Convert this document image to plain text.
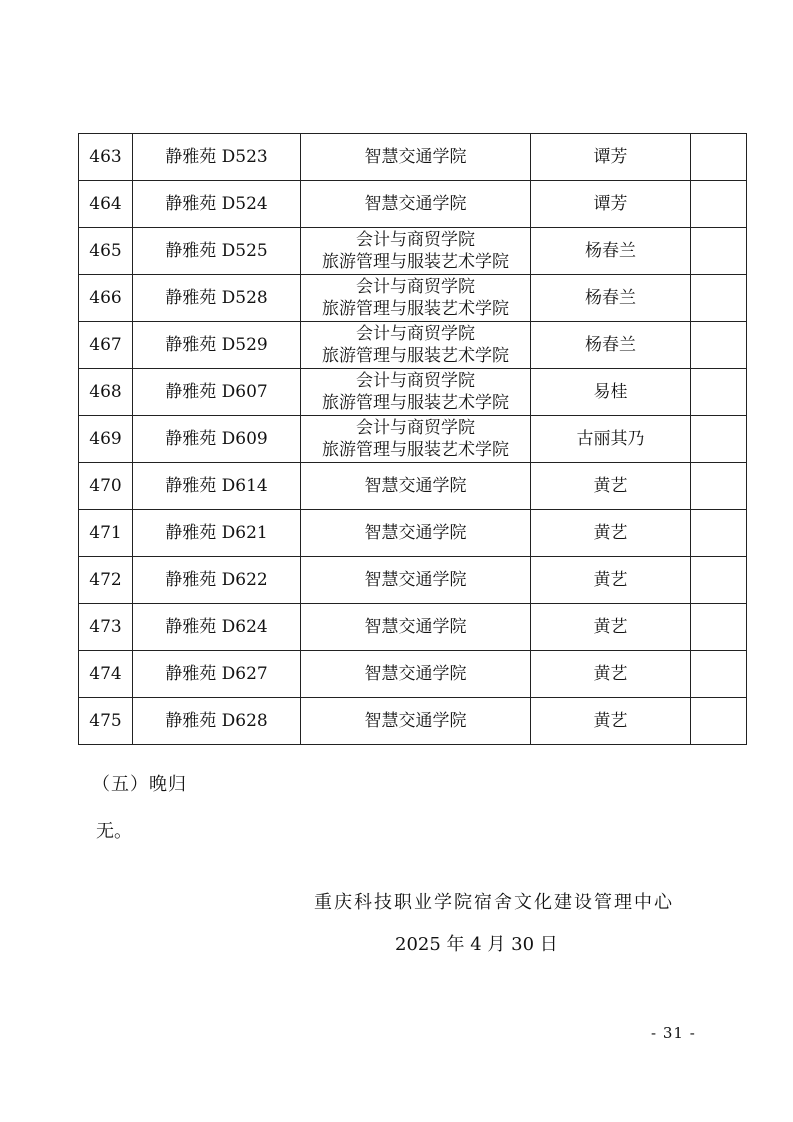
463	静雅苑 D523	智慧交通学院	谭芳	
464	静雅苑 D524	智慧交通学院	谭芳	
465	静雅苑 D525	会计与商贸学院
旅游管理与服装艺术学院	杨春兰	
466	静雅苑 D528	会计与商贸学院
旅游管理与服装艺术学院	杨春兰	
467	静雅苑 D529	会计与商贸学院
旅游管理与服装艺术学院	杨春兰	
468	静雅苑 D607	会计与商贸学院
旅游管理与服装艺术学院	易桂	
469	静雅苑 D609	会计与商贸学院
旅游管理与服装艺术学院	古丽其乃	
470	静雅苑 D614	智慧交通学院	黄艺	
471	静雅苑 D621	智慧交通学院	黄艺	
472	静雅苑 D622	智慧交通学院	黄艺	
473	静雅苑 D624	智慧交通学院	黄艺	
474	静雅苑 D627	智慧交通学院	黄艺	
475	静雅苑 D628	智慧交通学院	黄艺	
（五）晚归
无。
重庆科技职业学院宿舍文化建设管理中心
2025 年 4 月 30 日
- 31 -
